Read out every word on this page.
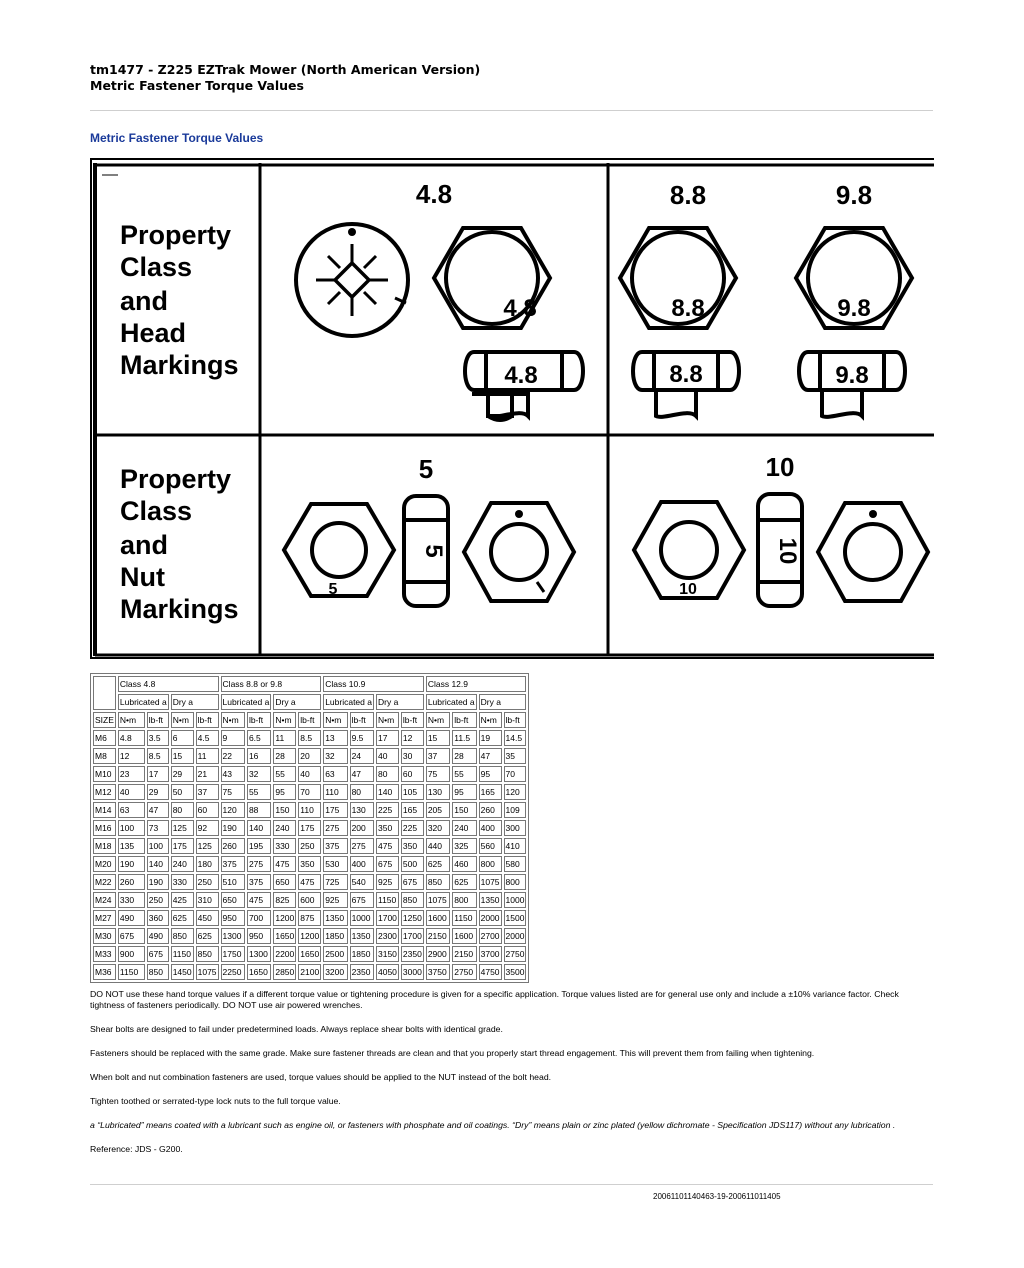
tm1477 - Z225 EZTrak Mower (North American Version)
Metric Fastener Torque Values
Metric Fastener Torque Values
Property
Class
and
Head
Markings
4.8	8.8	9.8
4.8	8.8	9.8
4.8	8.8	9.8
Property
Class
and
Nut
Markings
5	10
5
5
10
10
	Class 4.8				Class 8.8 or 9.8				Class 10.9				Class 12.9			
	Lubricated a		Dry a		Lubricated a		Dry a		Lubricated a		Dry a		Lubricated a		Dry a	
SIZE	N•m	lb-ft	N•m	lb-ft	N•m	lb-ft	N•m	lb-ft	N•m	lb-ft	N•m	lb-ft	N•m	lb-ft	N•m	lb-ft
M6	4.8	3.5	6	4.5	9	6.5	11	8.5	13	9.5	17	12	15	11.5	19	14.5
M8	12	8.5	15	11	22	16	28	20	32	24	40	30	37	28	47	35
M10	23	17	29	21	43	32	55	40	63	47	80	60	75	55	95	70
M12	40	29	50	37	75	55	95	70	110	80	140	105	130	95	165	120
M14	63	47	80	60	120	88	150	110	175	130	225	165	205	150	260	109
M16	100	73	125	92	190	140	240	175	275	200	350	225	320	240	400	300
M18	135	100	175	125	260	195	330	250	375	275	475	350	440	325	560	410
M20	190	140	240	180	375	275	475	350	530	400	675	500	625	460	800	580
M22	260	190	330	250	510	375	650	475	725	540	925	675	850	625	1075	800
M24	330	250	425	310	650	475	825	600	925	675	1150	850	1075	800	1350	1000
M27	490	360	625	450	950	700	1200	875	1350	1000	1700	1250	1600	1150	2000	1500
M30	675	490	850	625	1300	950	1650	1200	1850	1350	2300	1700	2150	1600	2700	2000
M33	900	675	1150	850	1750	1300	2200	1650	2500	1850	3150	2350	2900	2150	3700	2750
M36	1150	850	1450	1075	2250	1650	2850	2100	3200	2350	4050	3000	3750	2750	4750	3500

DO NOT use these hand torque values if a different torque value or tightening procedure is given for a specific application. Torque values listed are for general use only and include a ±10% variance factor. Check tightness of fasteners periodically. DO NOT use air powered wrenches.

Shear bolts are designed to fail under predetermined loads. Always replace shear bolts with identical grade.

Fasteners should be replaced with the same grade. Make sure fastener threads are clean and that you properly start thread engagement. This will prevent them from failing when tightening.

When bolt and nut combination fasteners are used, torque values should be applied to the NUT instead of the bolt head.

Tighten toothed or serrated-type lock nuts to the full torque value.

a “Lubricated” means coated with a lubricant such as engine oil, or fasteners with phosphate and oil coatings. “Dry” means plain or zinc plated (yellow dichromate - Specification JDS117) without any lubrication .

Reference: JDS - G200.

20061101140463-19-200611011405
